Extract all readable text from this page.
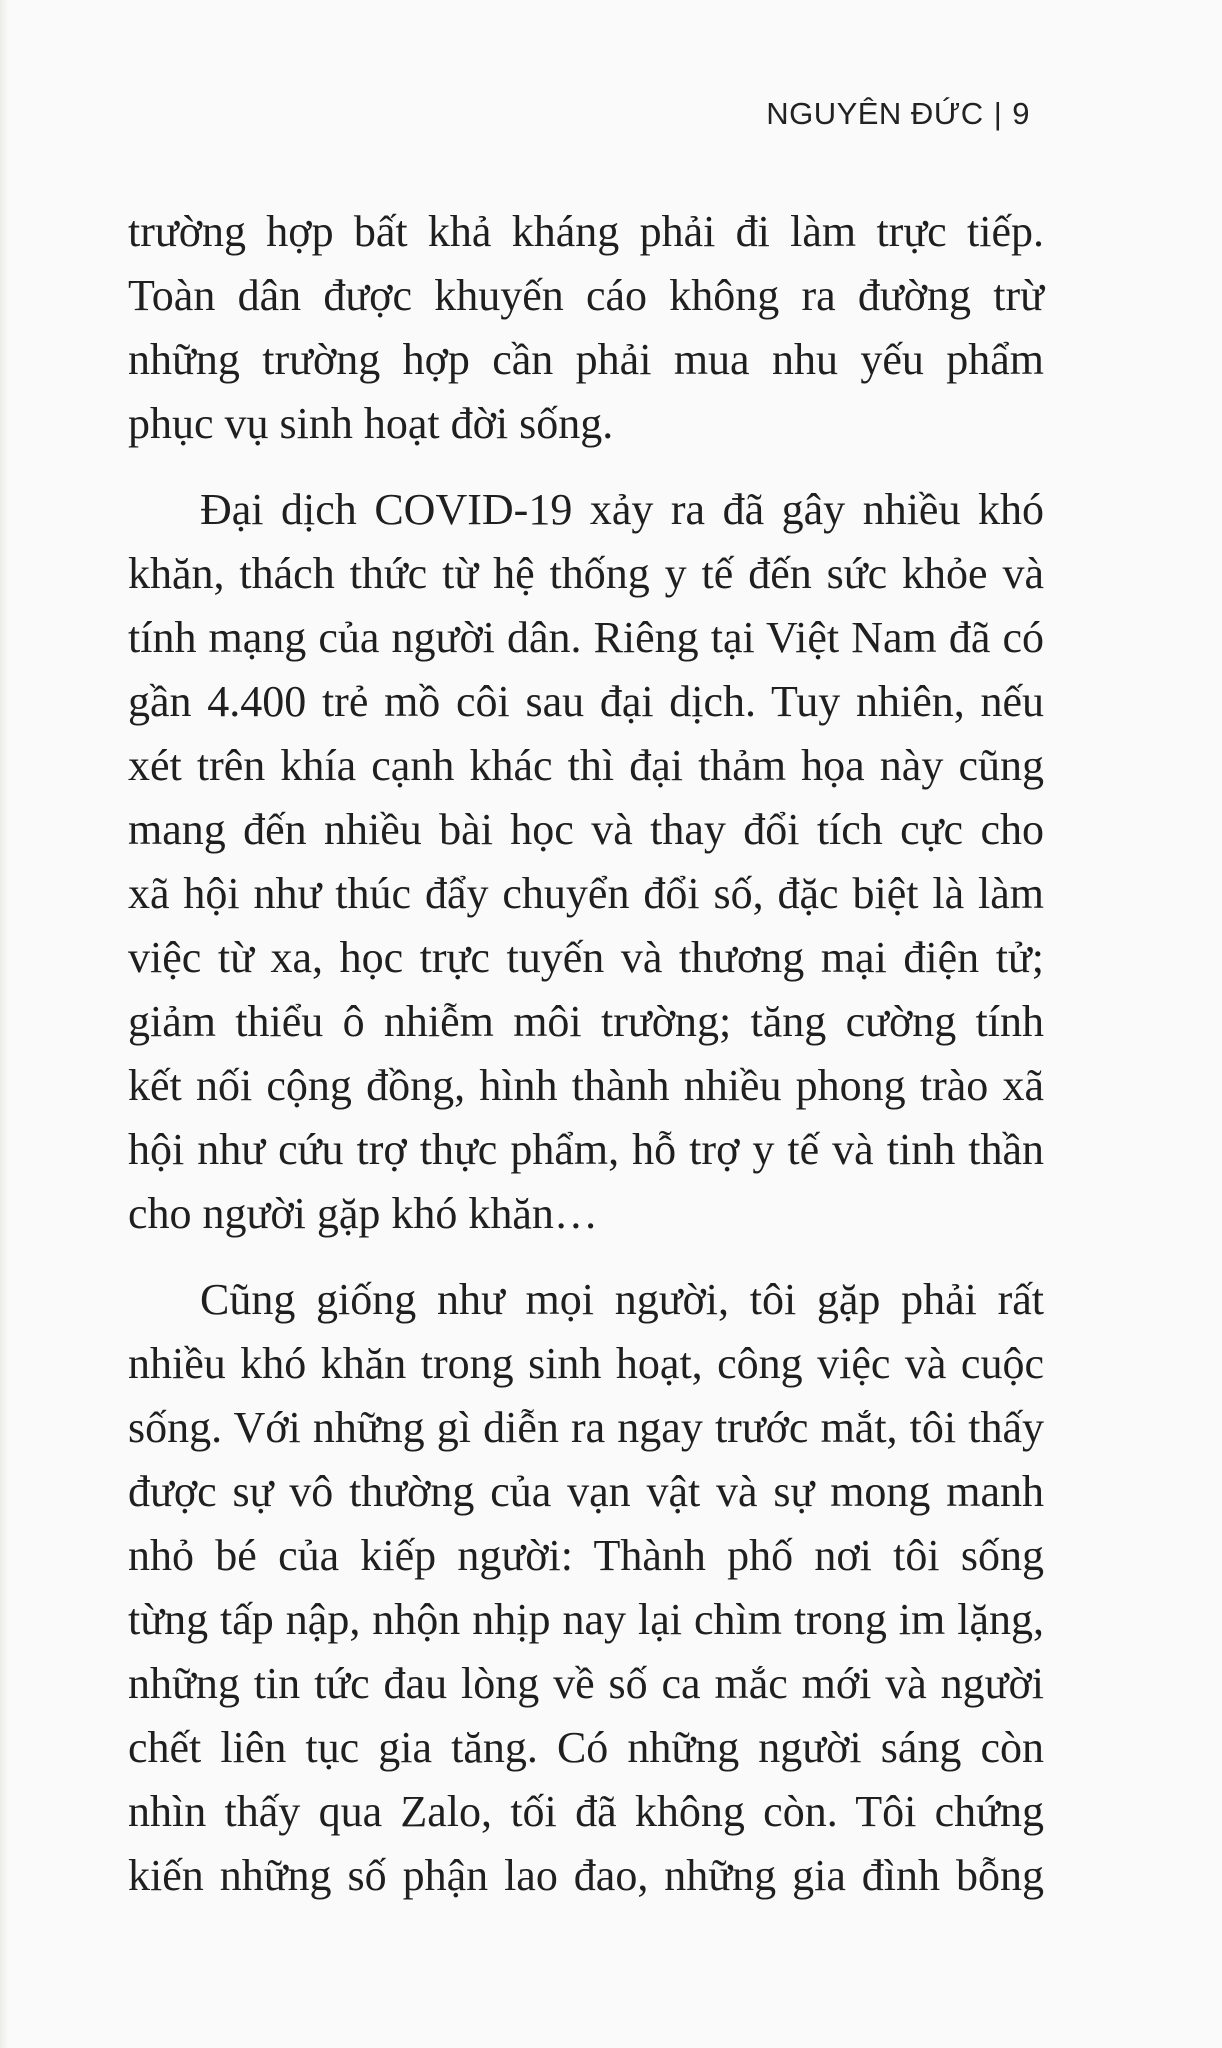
NGUYÊN ĐỨC | 9
trường hợp bất khả kháng phải đi làm trực tiếp.
Toàn dân được khuyến cáo không ra đường trừ
những trường hợp cần phải mua nhu yếu phẩm
phục vụ sinh hoạt đời sống.
Đại dịch COVID-19 xảy ra đã gây nhiều khó
khăn, thách thức từ hệ thống y tế đến sức khỏe và
tính mạng của người dân. Riêng tại Việt Nam đã có
gần 4.400 trẻ mồ côi sau đại dịch. Tuy nhiên, nếu
xét trên khía cạnh khác thì đại thảm họa này cũng
mang đến nhiều bài học và thay đổi tích cực cho
xã hội như thúc đẩy chuyển đổi số, đặc biệt là làm
việc từ xa, học trực tuyến và thương mại điện tử;
giảm thiểu ô nhiễm môi trường; tăng cường tính
kết nối cộng đồng, hình thành nhiều phong trào xã
hội như cứu trợ thực phẩm, hỗ trợ y tế và tinh thần
cho người gặp khó khăn…
Cũng giống như mọi người, tôi gặp phải rất
nhiều khó khăn trong sinh hoạt, công việc và cuộc
sống. Với những gì diễn ra ngay trước mắt, tôi thấy
được sự vô thường của vạn vật và sự mong manh
nhỏ bé của kiếp người: Thành phố nơi tôi sống
từng tấp nập, nhộn nhịp nay lại chìm trong im lặng,
những tin tức đau lòng về số ca mắc mới và người
chết liên tục gia tăng. Có những người sáng còn
nhìn thấy qua Zalo, tối đã không còn. Tôi chứng
kiến những số phận lao đao, những gia đình bỗng
